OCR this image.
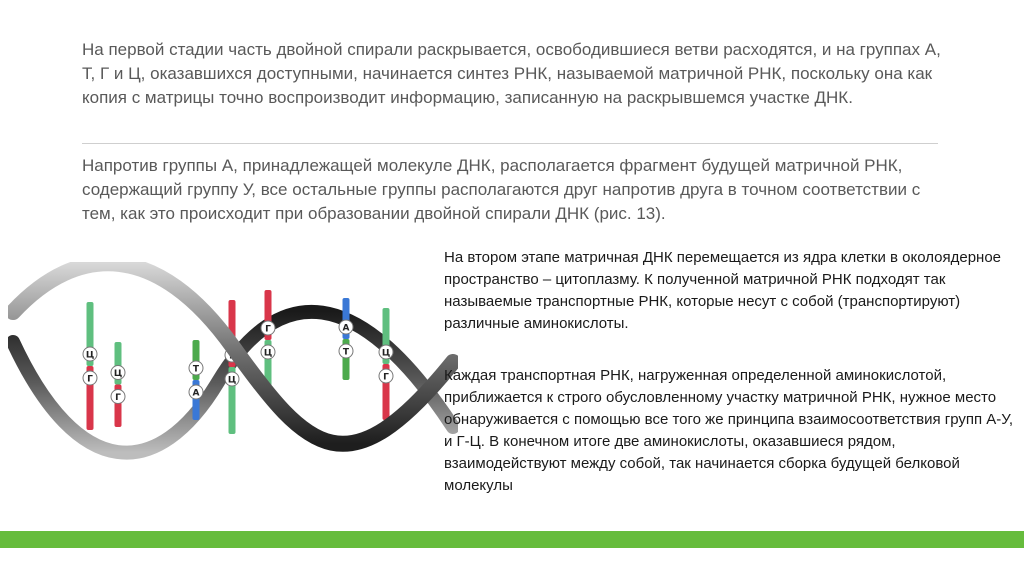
На первой стадии часть двойной спирали раскрывается, освободившиеся ветви расходятся, и на группах А, Т, Г и Ц, оказавшихся доступными, начинается синтез РНК, называемой матричной РНК, поскольку она как копия с матрицы точно воспроизводит информацию, записанную на раскрывшемся участке ДНК.

Напротив группы А, принадлежащей молекуле ДНК, располагается фрагмент будущей матричной РНК, содержащий группу У, все остальные группы располагаются друг напротив друга в точном соответствии с тем, как это происходит при образовании двойной спирали ДНК (рис. 13).

Ц
Г
Ц
Г
Т
А
Г
Ц
Г
Ц
А
Т	Ц
Г

На втором этапе матричная ДНК перемещается из ядра клетки в околоядерное пространство – цитоплазму. К полученной матричной РНК подходят так называемые транспортные РНК, которые несут с собой (транспортируют) различные аминокислоты.

Каждая транспортная РНК, нагруженная определенной аминокислотой, приближается к строго обусловленному участку матричной РНК, нужное место обнаруживается с помощью все того же принципа взаимосоответствия групп А-У, и Г-Ц. В конечном итоге две аминокислоты, оказавшиеся рядом, взаимодействуют между собой, так начинается сборка будущей белковой молекулы
